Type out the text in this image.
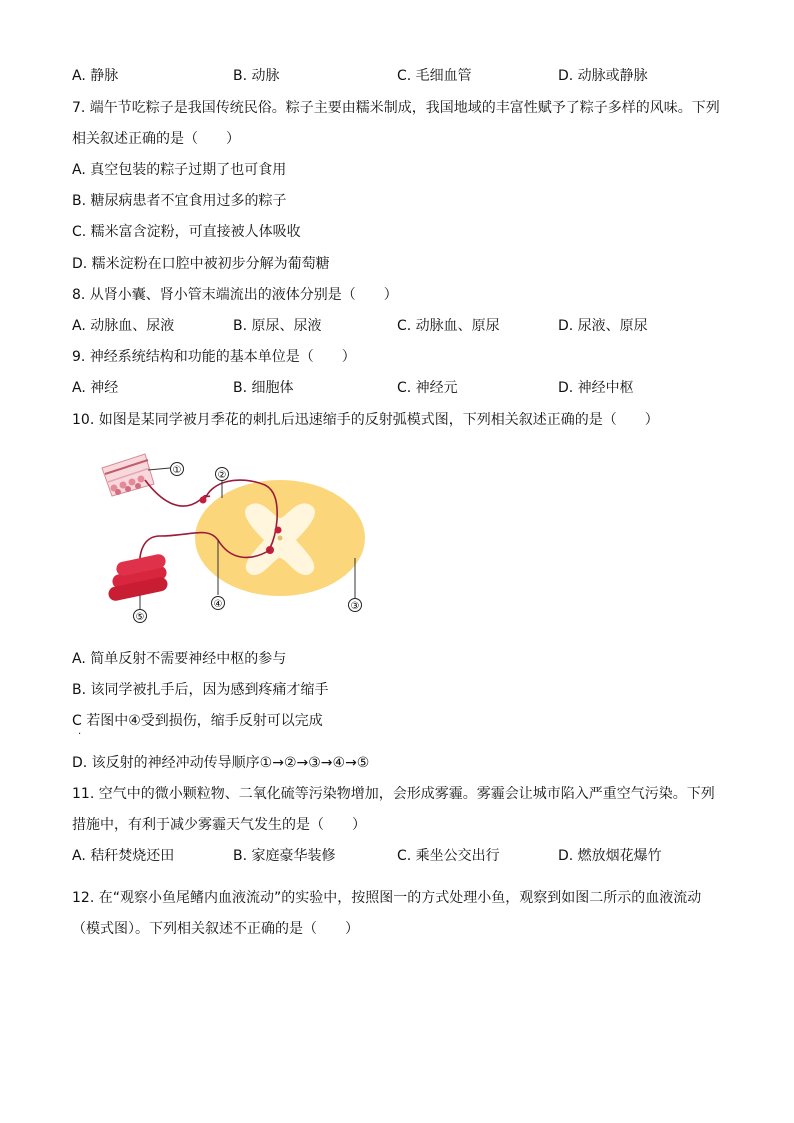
A. 静脉	B. 动脉	C. 毛细血管	D. 动脉或静脉
7. 端午节吃粽子是我国传统民俗。粽子主要由糯米制成，我国地域的丰富性赋予了粽子多样的风味。下列
相关叙述正确的是（　　）
A. 真空包装的粽子过期了也可食用
B. 糖尿病患者不宜食用过多的粽子
C. 糯米富含淀粉，可直接被人体吸收
D. 糯米淀粉在口腔中被初步分解为葡萄糖
8. 从肾小囊、肾小管末端流出的液体分别是（　　）
A. 动脉血、尿液	B. 原尿、尿液	C. 动脉血、原尿	D. 尿液、原尿
9. 神经系统结构和功能的基本单位是（　　）
A. 神经	B. 细胞体	C. 神经元	D. 神经中枢
10. 如图是某同学被月季花的刺扎后迅速缩手的反射弧模式图，下列相关叙述正确的是（　　）
①	②
③
④
⑤
A. 简单反射不需要神经中枢的参与
B. 该同学被扎手后，因为感到疼痛才缩手
C 若图中④受到损伤，缩手反射可以完成
.
D. 该反射的神经冲动传导顺序①→②→③→④→⑤
11. 空气中的微小颗粒物、二氧化硫等污染物增加，会形成雾霾。雾霾会让城市陷入严重空气污染。下列
措施中，有利于减少雾霾天气发生的是（　　）
A. 秸秆焚烧还田	B. 家庭豪华装修	C. 乘坐公交出行	D. 燃放烟花爆竹
12. 在“观察小鱼尾鳍内血液流动”的实验中，按照图一的方式处理小鱼，观察到如图二所示的血液流动
（模式图）。下列相关叙述不正确的是（　　）
